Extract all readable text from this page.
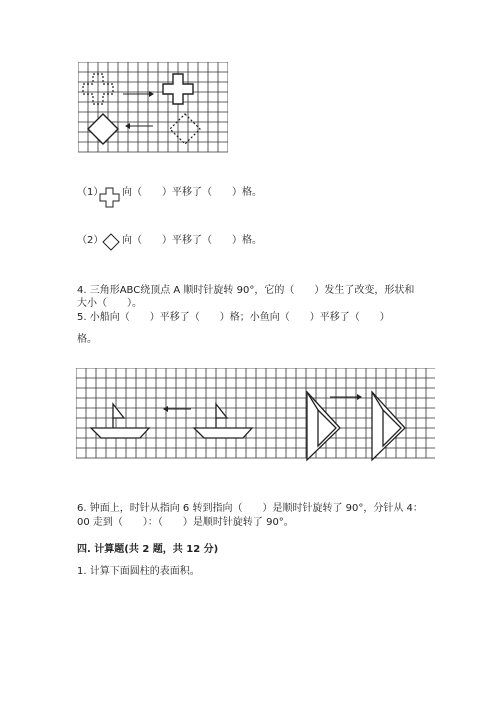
（1） 向（　　）平移了（　　）格。
（2） 向（　　）平移了（　　）格。
4. 三角形ABC绕顶点 A 顺时针旋转 90°，它的（　　）发生了改变，形状和
大小（　　）。
5. 小船向（　　）平移了（　　）格；小鱼向（　　）平移了（　　）
格。
6. 钟面上，时针从指向 6 转到指向（　　）是顺时针旋转了 90°，分针从 4：
00 走到（　　）：（　　）是顺时针旋转了 90°。
四. 计算题(共 2 题，共 12 分)
1. 计算下面圆柱的表面积。
